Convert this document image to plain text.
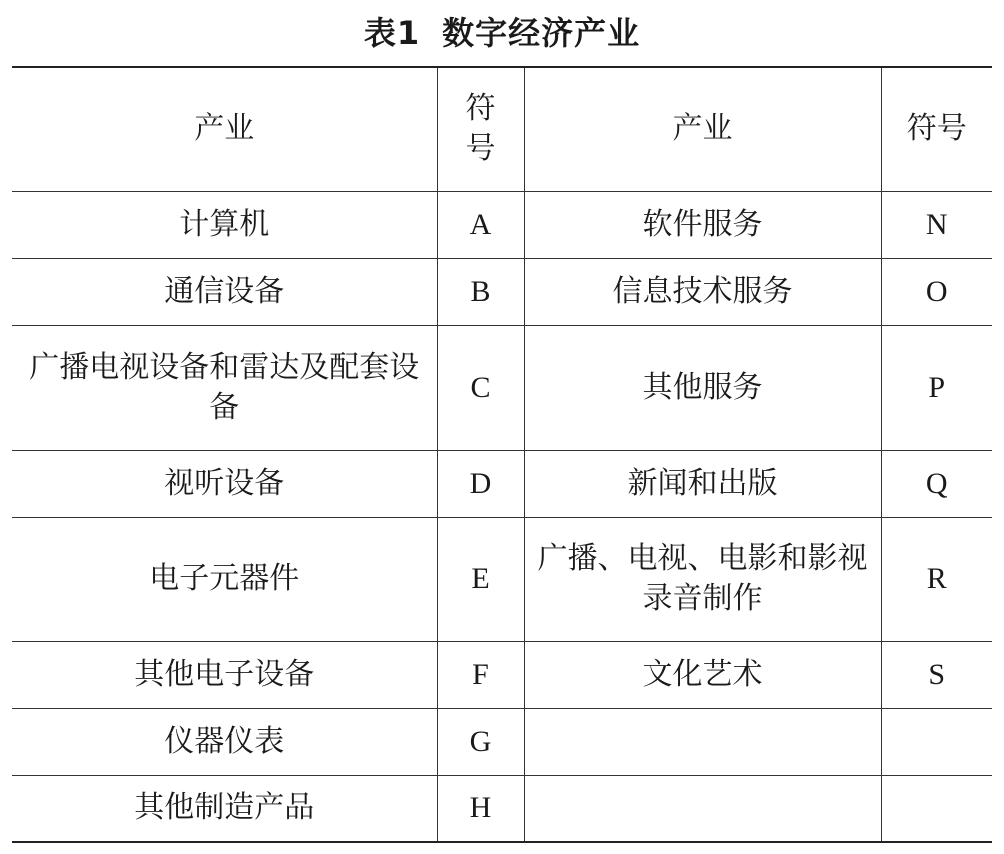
表1 数字经济产业
产业	符号	产业	符号
计算机	A	软件服务	N
通信设备	B	信息技术服务	O
广播电视设备和雷达及配套设备	C	其他服务	P
视听设备	D	新闻和出版	Q
电子元器件	E	广播、电视、电影和影视录音制作	R
其他电子设备	F	文化艺术	S
仪器仪表	G		
其他制造产品	H		
